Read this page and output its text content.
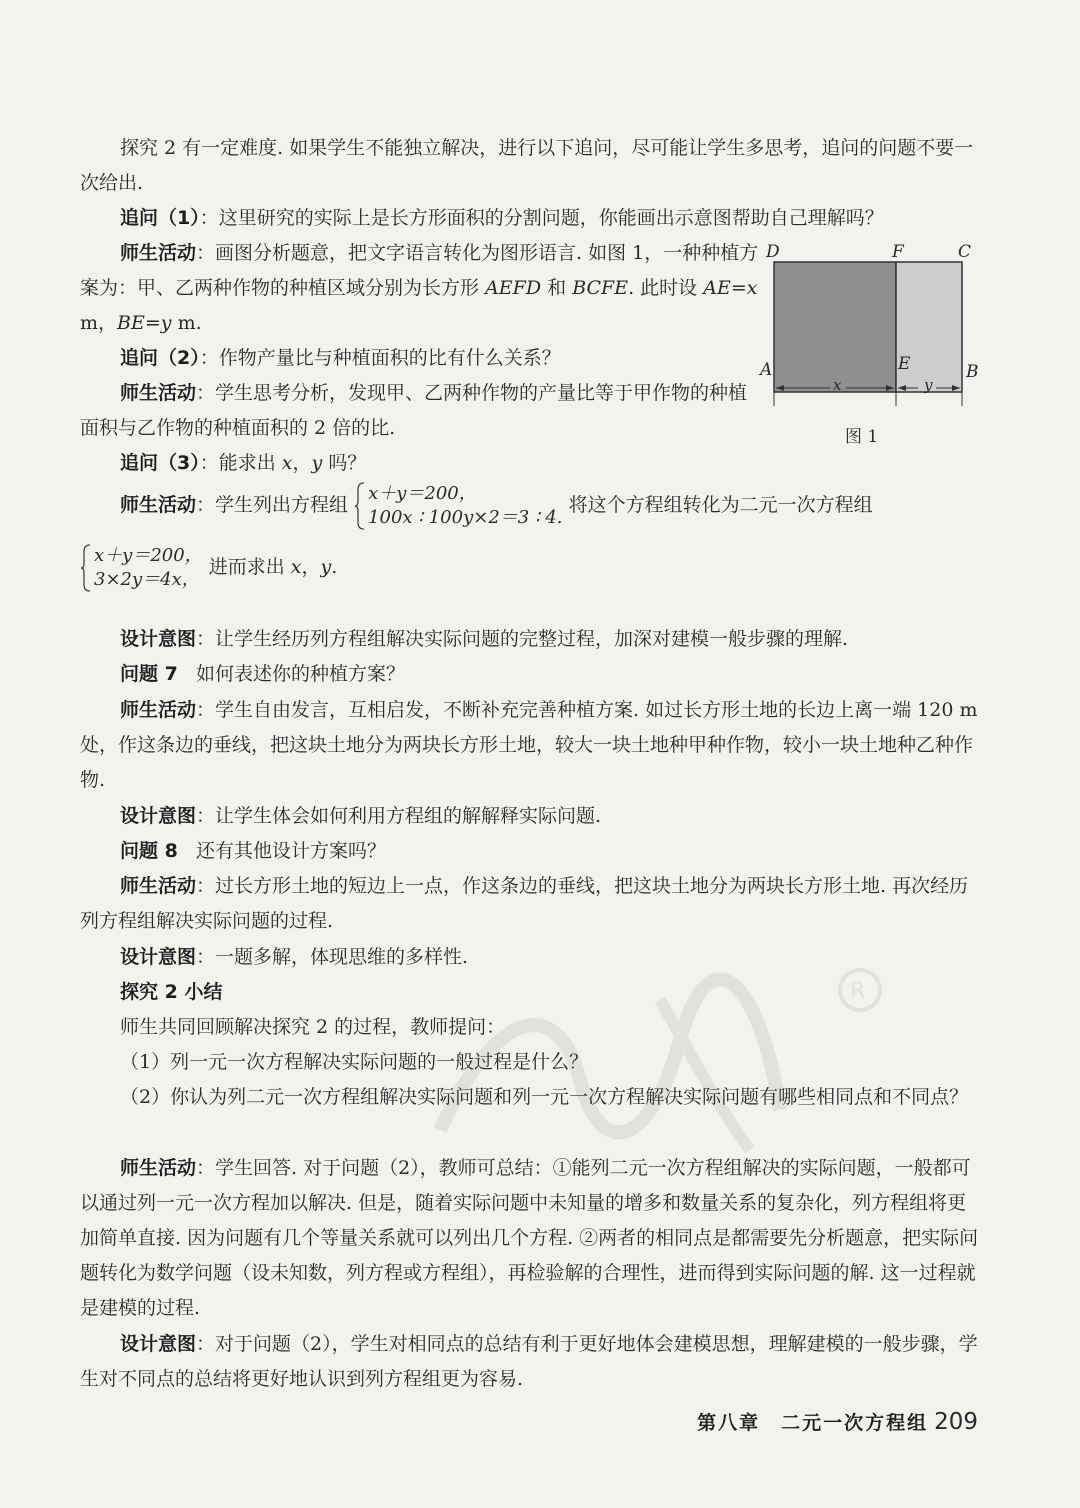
R

探究 2 有一定难度. 如果学生不能独立解决，进行以下追问，尽可能让学生多思考，追问的问题不要一次给出.

追问（1）：这里研究的实际上是长方形面积的分割问题，你能画出示意图帮助自己理解吗？

师生活动：画图分析题意，把文字语言转化为图形语言. 如图 1，一种种植方案为：甲、乙两种作物的种植区域分别为长方形 AEFD 和 BCFE. 此时设 AE=x m，BE=y m.

追问（2）：作物产量比与种植面积的比有什么关系？

师生活动：学生思考分析，发现甲、乙两种作物的产量比等于甲作物的种植面积与乙作物的种植面积的 2 倍的比.

D	F	C
A	E	B
x	y
图 1

追问（3）：能求出 x，y 吗？

师生活动：学生列出方程组
x＋y＝200，
100x ∶ 100y×2＝3 ∶ 4.
将这个方程组转化为二元一次方程组
x＋y＝200，
3×2y＝4x，
进而求出 x，y.

设计意图：让学生经历列方程组解决实际问题的完整过程，加深对建模一般步骤的理解.

问题 7 如何表述你的种植方案？

师生活动：学生自由发言，互相启发，不断补充完善种植方案. 如过长方形土地的长边上离一端 120 m 处，作这条边的垂线，把这块土地分为两块长方形土地，较大一块土地种甲种作物，较小一块土地种乙种作物.

设计意图：让学生体会如何利用方程组的解解释实际问题.

问题 8 还有其他设计方案吗？

师生活动：过长方形土地的短边上一点，作这条边的垂线，把这块土地分为两块长方形土地. 再次经历列方程组解决实际问题的过程.

设计意图：一题多解，体现思维的多样性.

探究 2 小结

师生共同回顾解决探究 2 的过程，教师提问：

（1）列一元一次方程解决实际问题的一般过程是什么？

（2）你认为列二元一次方程组解决实际问题和列一元一次方程解决实际问题有哪些相同点和不同点？

师生活动：学生回答. 对于问题（2），教师可总结：①能列二元一次方程组解决的实际问题，一般都可以通过列一元一次方程加以解决. 但是，随着实际问题中未知量的增多和数量关系的复杂化，列方程组将更加简单直接. 因为问题有几个等量关系就可以列出几个方程. ②两者的相同点是都需要先分析题意，把实际问题转化为数学问题（设未知数，列方程或方程组），再检验解的合理性，进而得到实际问题的解. 这一过程就是建模的过程.

设计意图：对于问题（2），学生对相同点的总结有利于更好地体会建模思想，理解建模的一般步骤，学生对不同点的总结将更好地认识到列方程组更为容易.

第八章　二元一次方程组 209
